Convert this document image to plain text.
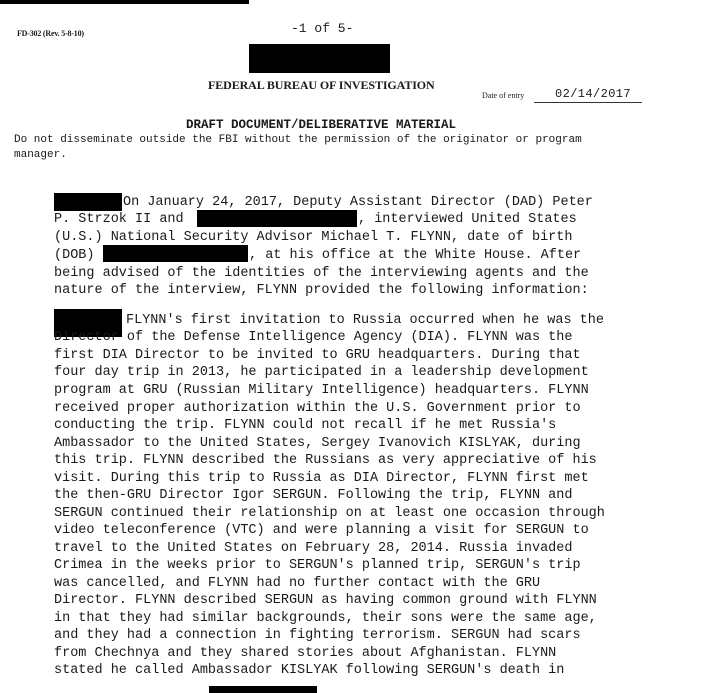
FD-302 (Rev. 5-8-10)	-1 of 5-
FEDERAL BUREAU OF INVESTIGATION
Date of entry	02/14/2017
DRAFT DOCUMENT/DELIBERATIVE MATERIAL
Do not disseminate outside the FBI without the permission of the originator or program
manager.
On January 24, 2017, Deputy Assistant Director (DAD) Peter
P. Strzok II and	, interviewed United States
(U.S.) National Security Advisor Michael T. FLYNN, date of birth
(DOB)	, at his office at the White House. After
being advised of the identities of the interviewing agents and the
nature of the interview, FLYNN provided the following information:
FLYNN's first invitation to Russia occurred when he was the
Director of the Defense Intelligence Agency (DIA). FLYNN was the
first DIA Director to be invited to GRU headquarters. During that
four day trip in 2013, he participated in a leadership development
program at GRU (Russian Military Intelligence) headquarters. FLYNN
received proper authorization within the U.S. Government prior to
conducting the trip. FLYNN could not recall if he met Russia's
Ambassador to the United States, Sergey Ivanovich KISLYAK, during
this trip. FLYNN described the Russians as very appreciative of his
visit. During this trip to Russia as DIA Director, FLYNN first met
the then-GRU Director Igor SERGUN. Following the trip, FLYNN and
SERGUN continued their relationship on at least one occasion through
video teleconference (VTC) and were planning a visit for SERGUN to
travel to the United States on February 28, 2014. Russia invaded
Crimea in the weeks prior to SERGUN's planned trip, SERGUN's trip
was cancelled, and FLYNN had no further contact with the GRU
Director. FLYNN described SERGUN as having common ground with FLYNN
in that they had similar backgrounds, their sons were the same age,
and they had a connection in fighting terrorism. SERGUN had scars
from Chechnya and they shared stories about Afghanistan. FLYNN
stated he called Ambassador KISLYAK following SERGUN's death in
